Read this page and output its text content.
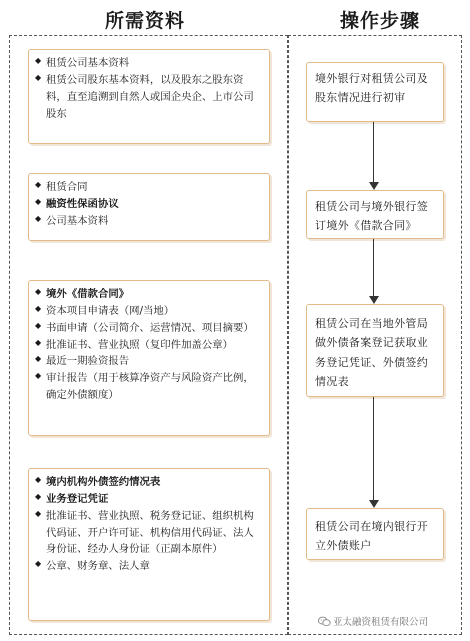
所需资料	操作步骤
◆ 租赁公司基本资料
◆ 租赁公司股东基本资料，以及股东之股东资料，直至追溯到自然人或国企央企、上市公司股东
◆ 租赁合同
◆ 融资性保函协议
◆ 公司基本资料
◆ 境外《借款合同》
◆ 资本项目申请表（网/当地）
◆ 书面申请（公司简介、运营情况、项目摘要）
◆ 批准证书、营业执照（复印件加盖公章）
◆ 最近一期验资报告
◆ 审计报告（用于核算净资产与风险资产比例，确定外债额度）
◆ 境内机构外债签约情况表
◆ 业务登记凭证
◆ 批准证书、营业执照、税务登记证、组织机构代码证、开户许可证、机构信用代码证、法人身份证、经办人身份证（正副本原件）
◆ 公章、财务章、法人章
境外银行对租赁公司及股东情况进行初审
租赁公司与境外银行签订境外《借款合同》
租赁公司在当地外管局做外债备案登记获取业务登记凭证、外债签约情况表
租赁公司在境内银行开立外债账户
亚太融资租赁有限公司
